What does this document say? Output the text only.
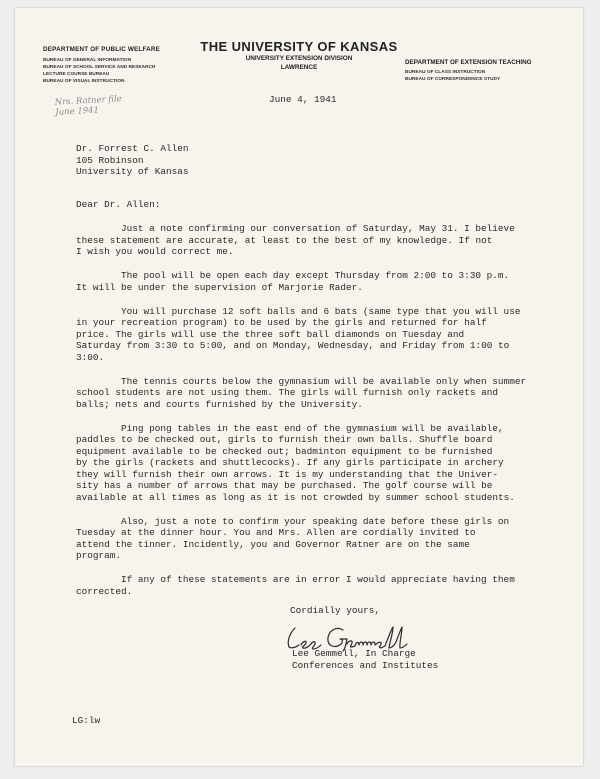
DEPARTMENT OF PUBLIC WELFARE
BUREAU OF GENERAL INFORMATION
BUREAU OF SCHOOL SERVICE AND RESEARCH
LECTURE COURSE BUREAU
BUREAU OF VISUAL INSTRUCTION
THE UNIVERSITY OF KANSAS
UNIVERSITY EXTENSION DIVISION
LAWRENCE
DEPARTMENT OF EXTENSION TEACHING
BUREAU OF CLASS INSTRUCTION
BUREAU OF CORRESPONDENCE STUDY
Nrs. Ratner file
June 1941
June 4, 1941
Dr. Forrest C. Allen
105 Robinson
University of Kansas
Dear Dr. Allen:

Just a note confirming our conversation of Saturday, May 31. I believe
these statement are accurate, at least to the best of my knowledge. If not
I wish you would correct me.

The pool will be open each day except Thursday from 2:00 to 3:30 p.m.
It will be under the supervision of Marjorie Rader.

You will purchase 12 soft balls and 6 bats (same type that you will use
in your recreation program) to be used by the girls and returned for half
price. The girls will use the three soft ball diamonds on Tuesday and
Saturday from 3:30 to 5:00, and on Monday, Wednesday, and Friday from 1:00 to
3:00.

The tennis courts below the gymnasium will be available only when summer
school students are not using them. The girls will furnish only rackets and
balls; nets and courts furnished by the University.

Ping pong tables in the east end of the gymnasium will be available,
paddles to be checked out, girls to furnish their own balls. Shuffle board
equipment available to be checked out; badminton equipment to be furnished
by the girls (rackets and shuttlecocks). If any girls participate in archery
they will furnish their own arrows. It is my understanding that the Univer-
sity has a number of arrows that may be purchased. The golf course will be
available at all times as long as it is not crowded by summer school students.

Also, just a note to confirm your speaking date before these girls on
Tuesday at the dinner hour. You and Mrs. Allen are cordially invited to
attend the tinner. Incidently, you and Governor Ratner are on the same
program.

If any of these statements are in error I would appreciate having them
corrected.

Cordially yours,
Lee Gemmell, In Charge
Conferences and Institutes
LG:lw
